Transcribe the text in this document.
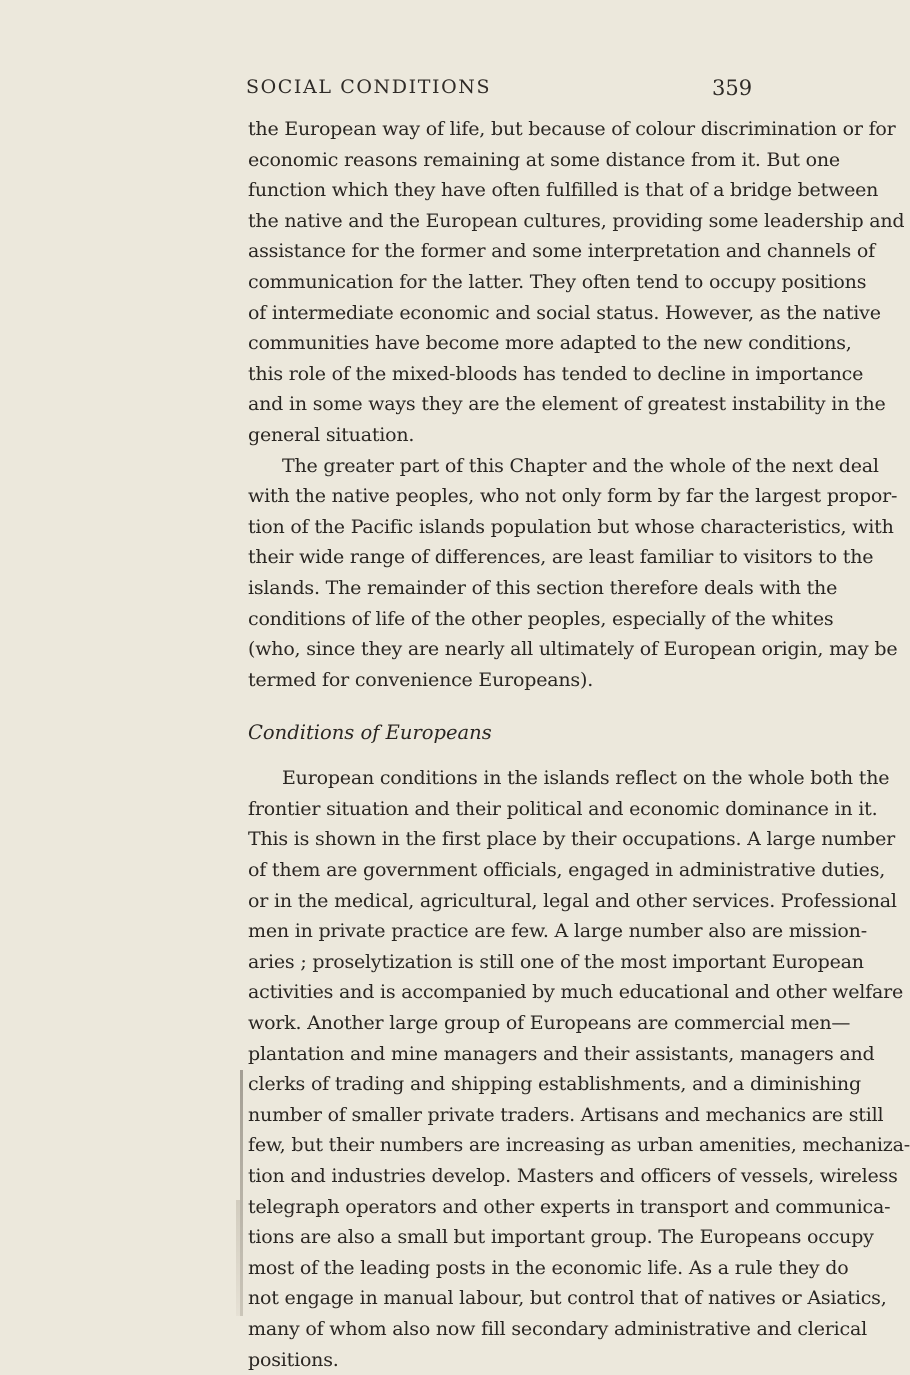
SOCIAL CONDITIONS	359
the European way of life, but because of colour discrimination or for
economic reasons remaining at some distance from it. But one
function which they have often fulfilled is that of a bridge between
the native and the European cultures, providing some leadership and
assistance for the former and some interpretation and channels of
communication for the latter. They often tend to occupy positions
of intermediate economic and social status. However, as the native
communities have become more adapted to the new conditions,
this role of the mixed-bloods has tended to decline in importance
and in some ways they are the element of greatest instability in the
general situation.
The greater part of this Chapter and the whole of the next deal
with the native peoples, who not only form by far the largest propor-
tion of the Pacific islands population but whose characteristics, with
their wide range of differences, are least familiar to visitors to the
islands. The remainder of this section therefore deals with the
conditions of life of the other peoples, especially of the whites
(who, since they are nearly all ultimately of European origin, may be
termed for convenience Europeans).
Conditions of Europeans
European conditions in the islands reflect on the whole both the
frontier situation and their political and economic dominance in it.
This is shown in the first place by their occupations. A large number
of them are government officials, engaged in administrative duties,
or in the medical, agricultural, legal and other services. Professional
men in private practice are few. A large number also are mission-
aries ; proselytization is still one of the most important European
activities and is accompanied by much educational and other welfare
work. Another large group of Europeans are commercial men—
plantation and mine managers and their assistants, managers and
clerks of trading and shipping establishments, and a diminishing
number of smaller private traders. Artisans and mechanics are still
few, but their numbers are increasing as urban amenities, mechaniza-
tion and industries develop. Masters and officers of vessels, wireless
telegraph operators and other experts in transport and communica-
tions are also a small but important group. The Europeans occupy
most of the leading posts in the economic life. As a rule they do
not engage in manual labour, but control that of natives or Asiatics,
many of whom also now fill secondary administrative and clerical
positions.
